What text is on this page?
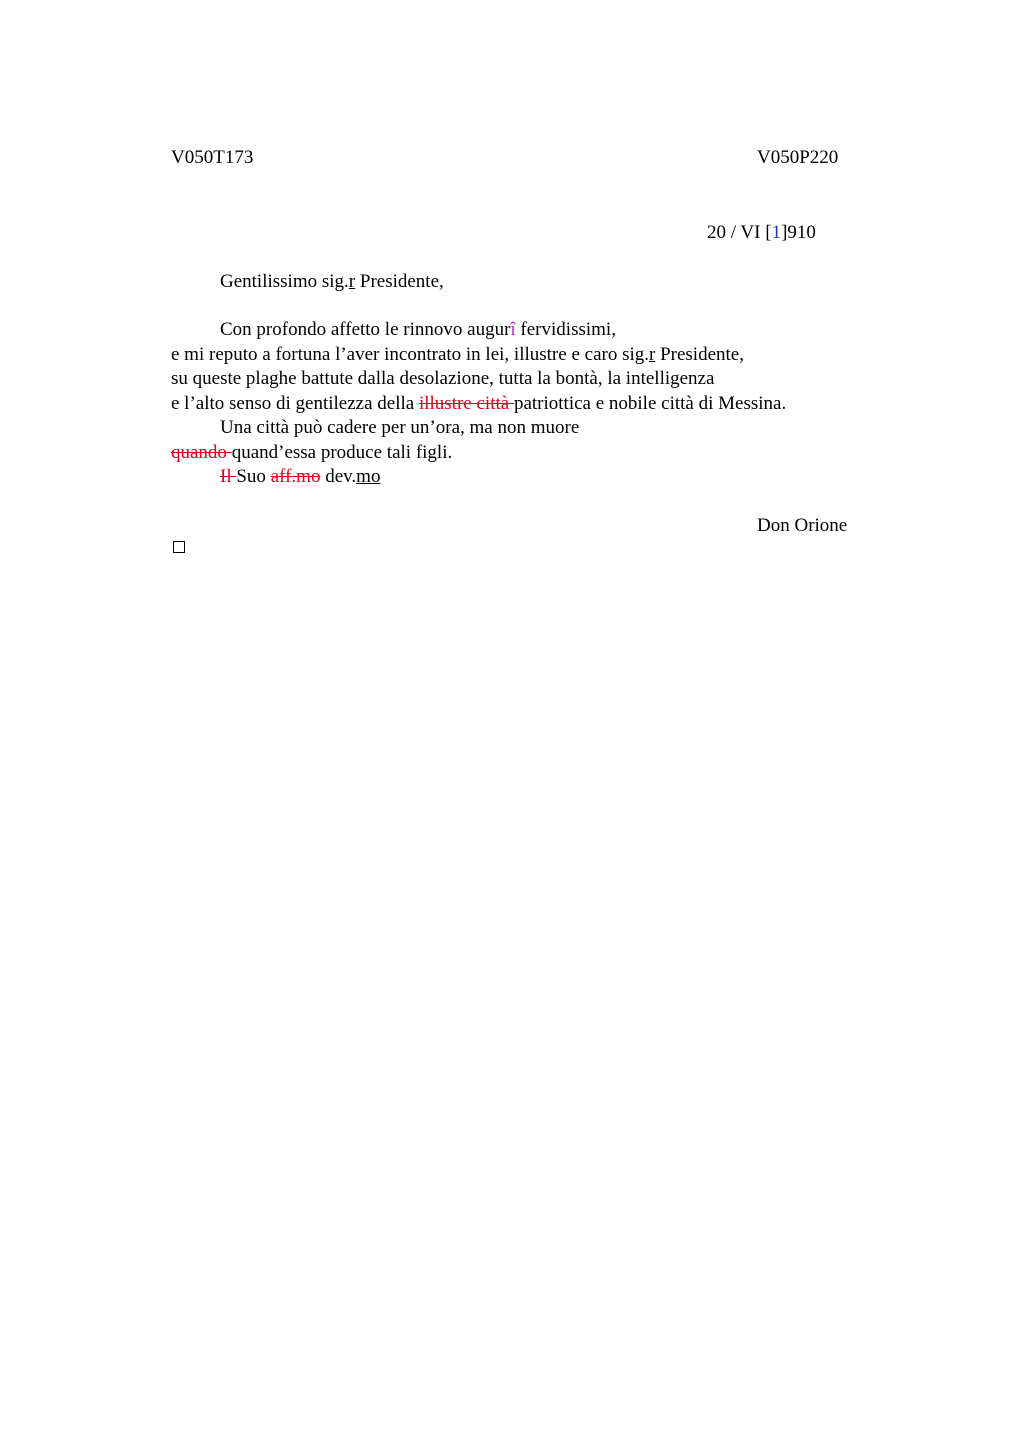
V050T173	V050P220
20 / VI [1]910
Gentilissimo sig.r Presidente,
Con profondo affetto le rinnovo augurî fervidissimi,
e mi reputo a fortuna l’aver incontrato in lei, illustre e caro sig.r Presidente,
su queste plaghe battute dalla desolazione, tutta la bontà, la intelligenza
e l’alto senso di gentilezza della illustre città patriottica e nobile città di Messina.
Una città può cadere per un’ora, ma non muore
quando quand’essa produce tali figli.
Il Suo aff.mo dev.mo
Don Orione
